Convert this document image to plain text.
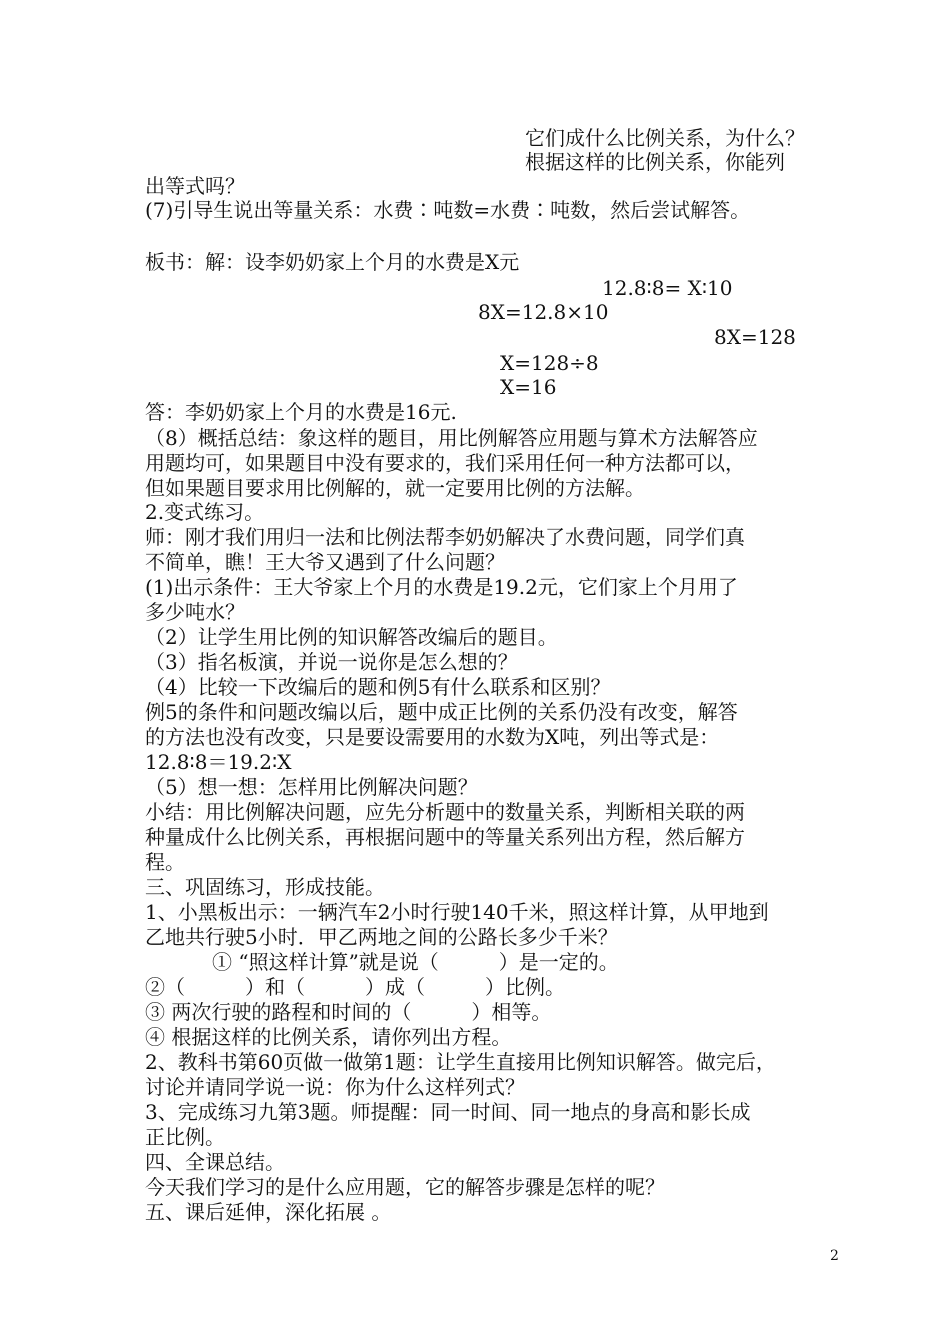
它们成什么比例关系，为什么？
根据这样的比例关系，你能列
出等式吗？
(7)引导生说出等量关系：水费∶吨数=水费∶吨数，然后尝试解答。
板书：解：设李奶奶家上个月的水费是X元
12.8∶8= X∶10
8X=12.8×10
8X=128
X=128÷8
X=16
答：李奶奶家上个月的水费是16元.
（8）概括总结：象这样的题目，用比例解答应用题与算术方法解答应
用题均可，如果题目中没有要求的，我们采用任何一种方法都可以，
但如果题目要求用比例解的，就一定要用比例的方法解。
2.变式练习。
师：刚才我们用归一法和比例法帮李奶奶解决了水费问题，同学们真
不简单，瞧！王大爷又遇到了什么问题？
(1)出示条件：王大爷家上个月的水费是19.2元，它们家上个月用了
多少吨水？
（2）让学生用比例的知识解答改编后的题目。
（3）指名板演，并说一说你是怎么想的？
（4）比较一下改编后的题和例5有什么联系和区别？
例5的条件和问题改编以后，题中成正比例的关系仍没有改变，解答
的方法也没有改变，只是要设需要用的水数为X吨，列出等式是：
12.8∶8＝19.2∶X
（5）想一想：怎样用比例解决问题？
小结：用比例解决问题，应先分析题中的数量关系，判断相关联的两
种量成什么比例关系，再根据问题中的等量关系列出方程，然后解方
程。
三、巩固练习，形成技能。
1、小黑板出示：一辆汽车2小时行驶140千米，照这样计算，从甲地到
乙地共行驶5小时．甲乙两地之间的公路长多少千米？
① “照这样计算”就是说（　　　）是一定的。
②（　　　）和（　　　）成（　　　）比例。
③ 两次行驶的路程和时间的（　　　）相等。
④ 根据这样的比例关系，请你列出方程。
2、教科书第60页做一做第1题：让学生直接用比例知识解答。做完后，
讨论并请同学说一说：你为什么这样列式？
3、完成练习九第3题。师提醒：同一时间、同一地点的身高和影长成
正比例。
四、全课总结。
今天我们学习的是什么应用题，它的解答步骤是怎样的呢？
五、课后延伸，深化拓展 。
2
